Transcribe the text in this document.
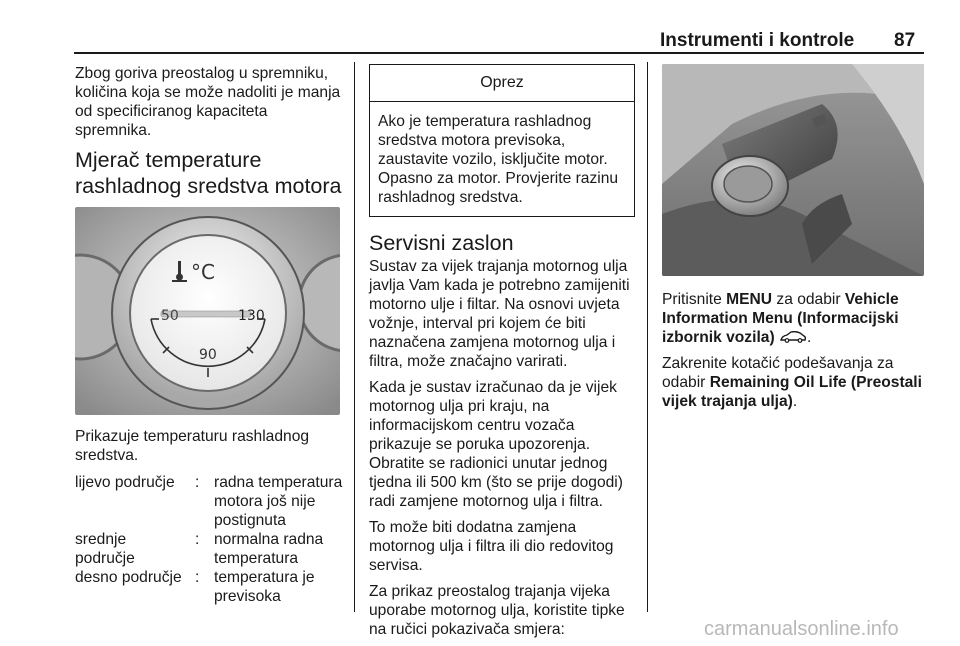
Instrumenti i kontrole 87

Zbog goriva preostalog u spremniku, količina koja se može nadoliti je manja od specificiranog kapaciteta spremnika.

Mjerač temperature
rashladnog sredstva motora
°C
50	130
90

Prikazuje temperaturu rashladnog sredstva.

lijevo područje	:	radna temperatura motora još nije postignuta
srednje područje	:	normalna radna temperatura
desno područje	:	temperatura je previsoka
Oprez
Ako je temperatura rashladnog sredstva motora previsoka, zaustavite vozilo, isključite motor. Opasno za motor. Provjerite razinu rashladnog sredstva.
Servisni zaslon

Sustav za vijek trajanja motornog ulja javlja Vam kada je potrebno zamijeniti motorno ulje i filtar. Na osnovi uvjeta vožnje, interval pri kojem će biti naznačena zamjena motornog ulja i filtra, može značajno varirati.

Kada je sustav izračunao da je vijek motornog ulja pri kraju, na informacijskom centru vozača prikazuje se poruka upozorenja. Obratite se radionici unutar jednog tjedna ili 500 km (što se prije dogodi) radi zamjene motornog ulja i filtra.

To može biti dodatna zamjena motornog ulja i filtra ili dio redovitog servisa.

Za prikaz preostalog trajanja vijeka uporabe motornog ulja, koristite tipke na ručici pokazivača smjera:

Pritisnite MENU za odabir Vehicle Information Menu (Informacijski izbornik vozila) .

Zakrenite kotačić podešavanja za odabir Remaining Oil Life (Preostali vijek trajanja ulja).

carmanualsonline.info
